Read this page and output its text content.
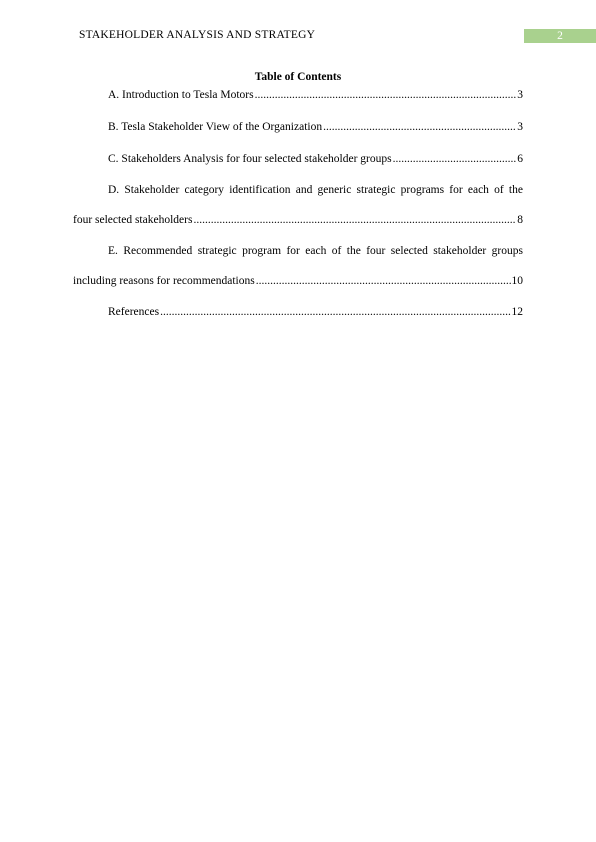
STAKEHOLDER ANALYSIS AND STRATEGY	2
Table of Contents
A. Introduction to Tesla Motors .....	3
B. Tesla Stakeholder View of the Organization .....	3
C. Stakeholders Analysis for four selected stakeholder groups .....	6
D. Stakeholder category identification and generic strategic programs for each of the
four selected stakeholders .....	8
E. Recommended strategic program for each of the four selected stakeholder groups
including reasons for recommendations .....	10
References .....	12
